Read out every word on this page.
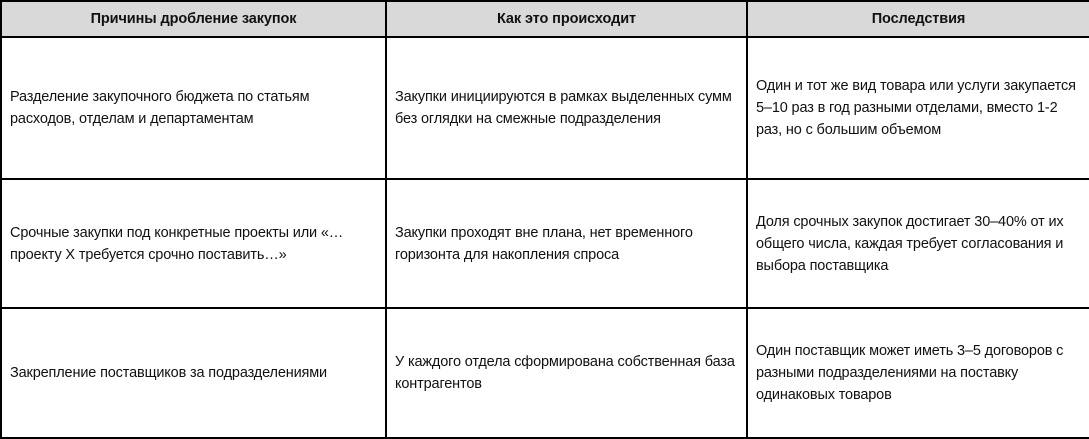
Причины дробление закупок	Как это происходит	Последствия
Разделение закупочного бюджета по статьям расходов, отделам и департаментам	Закупки инициируются в рамках выделенных сумм без оглядки на смежные подразделения	Один и тот же вид товара или услуги закупается 5–10 раз в год разными отделами, вместо 1-2 раз, но с большим объемом
Срочные закупки под конкретные проекты или «… проекту Х требуется срочно поставить…»	Закупки проходят вне плана, нет временного горизонта для накопления спроса	Доля срочных закупок достигает 30–40% от их общего числа, каждая требует согласования и выбора поставщика
Закрепление поставщиков за подразделениями	У каждого отдела сформирована собственная база контрагентов	Один поставщик может иметь 3–5 договоров с разными подразделениями на поставку одинаковых товаров
